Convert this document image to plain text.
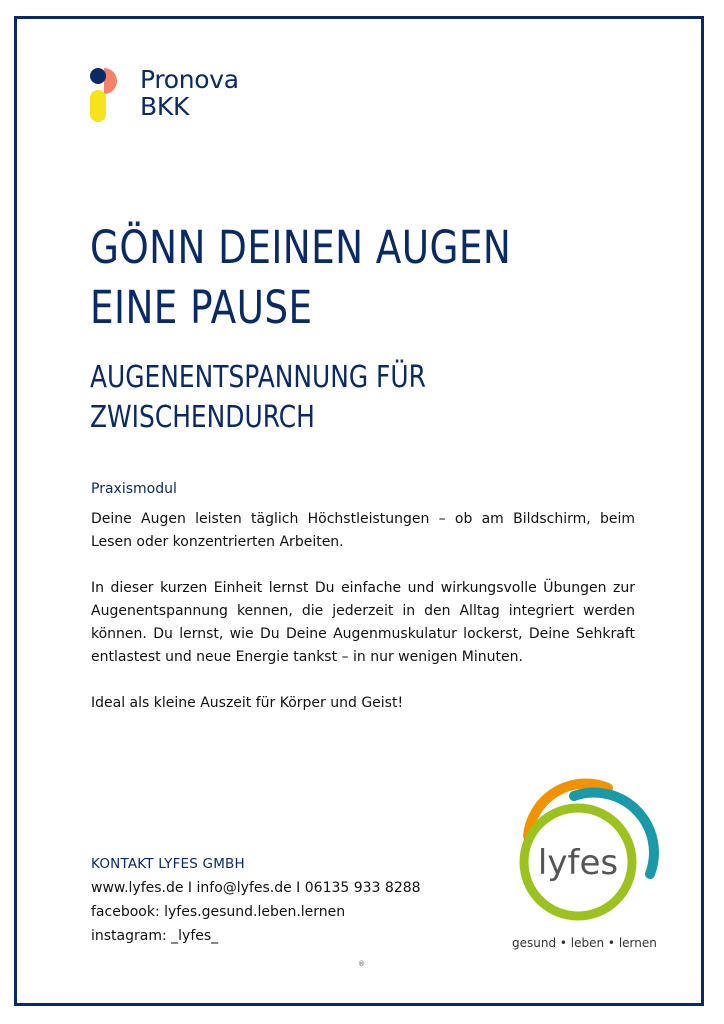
Pronova
BKK
GÖNN DEINEN AUGEN
EINE PAUSE
AUGENENTSPANNUNG FÜR
ZWISCHENDURCH
Praxismodul

Deine Augen leisten täglich Höchstleistungen – ob am Bildschirm, beim Lesen oder konzentrierten Arbeiten.

In dieser kurzen Einheit lernst Du einfache und wirkungsvolle Übungen zur Augenentspannung kennen, die jederzeit in den Alltag integriert werden können. Du lernst, wie Du Deine Augenmuskulatur lockerst, Deine Sehkraft entlastest und neue Energie tankst – in nur wenigen Minuten.

Ideal als kleine Auszeit für Körper und Geist!

KONTAKT LYFES GMBH
www.lyfes.de I info@lyfes.de I 06135 933 8288
facebook: lyfes.gesund.leben.lernen
instagram: _lyfes_
lyfes
gesund • leben • lernen
®
